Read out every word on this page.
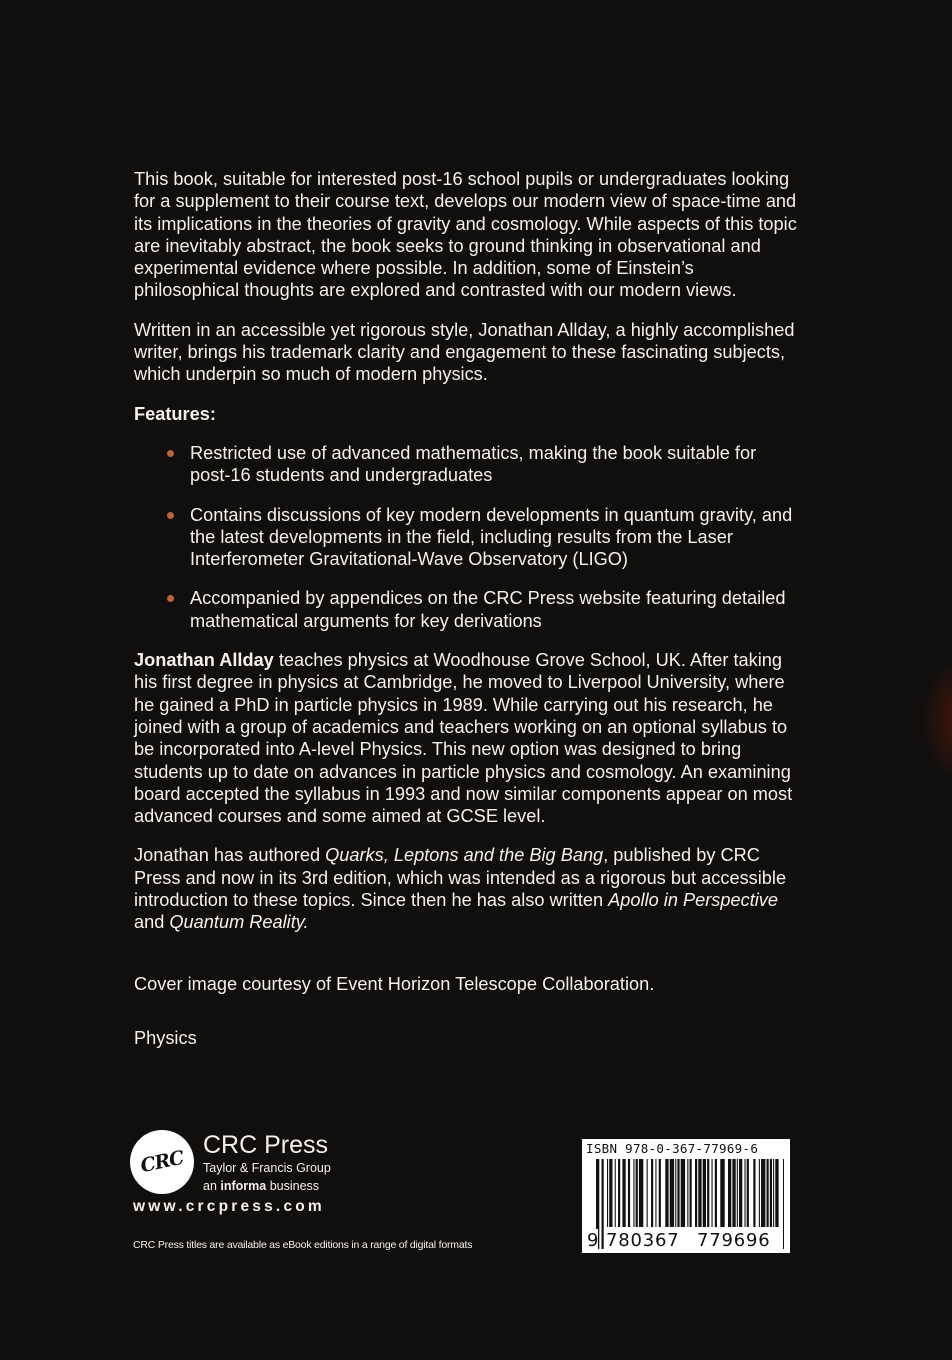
This book, suitable for interested post-16 school pupils or undergraduates looking for a supplement to their course text, develops our modern view of space-time and its implications in the theories of gravity and cosmology. While aspects of this topic are inevitably abstract, the book seeks to ground thinking in observational and experimental evidence where possible. In addition, some of Einstein’s philosophical thoughts are explored and contrasted with our modern views.

Written in an accessible yet rigorous style, Jonathan Allday, a highly accomplished writer, brings his trademark clarity and engagement to these fascinating subjects, which underpin so much of modern physics.

Features:

Restricted use of advanced mathematics, making the book suitable for post-16 students and undergraduates
Contains discussions of key modern developments in quantum gravity, and the latest developments in the field, including results from the Laser Interferometer Gravitational-Wave Observatory (LIGO)
Accompanied by appendices on the CRC Press website featuring detailed mathematical arguments for key derivations

Jonathan Allday teaches physics at Woodhouse Grove School, UK. After taking his first degree in physics at Cambridge, he moved to Liverpool University, where he gained a PhD in particle physics in 1989. While carrying out his research, he joined with a group of academics and teachers working on an optional syllabus to be incorporated into A-level Physics. This new option was designed to bring students up to date on advances in particle physics and cosmology. An examining board accepted the syllabus in 1993 and now similar components appear on most advanced courses and some aimed at GCSE level.

Jonathan has authored Quarks, Leptons and the Big Bang, published by CRC Press and now in its 3rd edition, which was intended as a rigorous but accessible introduction to these topics. Since then he has also written Apollo in Perspective and Quantum Reality.

Cover image courtesy of Event Horizon Telescope Collaboration.

Physics

CRC
CRC Press
Taylor & Francis Group
an informa business
www.crcpress.com
CRC Press titles are available as eBook editions in a range of digital formats
ISBN 978-0-367-77969-6
9 780367 779696
